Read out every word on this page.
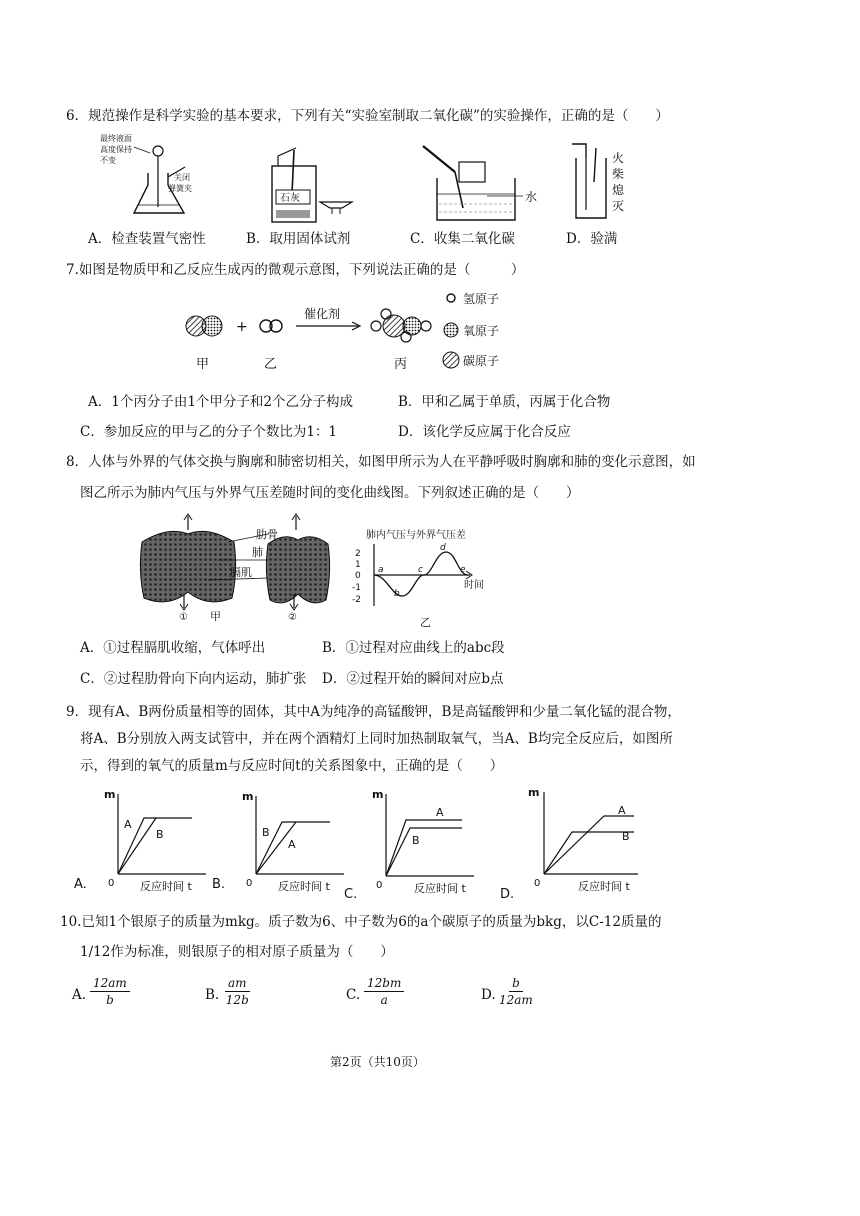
6．规范操作是科学实验的基本要求，下列有关“实验室制取二氧化碳”的实验操作，正确的是（　　）
最终液面
高度保持
不变
关闭
弹簧夹
石灰	水
火
柴
熄
灭
A．检查装置气密性	B．取用固体试剂	C．收集二氧化碳	D．验满
7.如图是物质甲和乙反应生成丙的微观示意图，下列说法正确的是（　　　）
+
催化剂
甲	乙	丙
氢原子
氧原子
碳原子
A．1个丙分子由1个甲分子和2个乙分子构成	B．甲和乙属于单质，丙属于化合物
C．参加反应的甲与乙的分子个数比为1：1	D．该化学反应属于化合反应
8．人体与外界的气体交换与胸廓和肺密切相关，如图甲所示为人在平静呼吸时胸廓和肺的变化示意图，如
图乙所示为肺内气压与外界气压差随时间的变化曲线图。下列叙述正确的是（　　）
①	②
肋骨
肺
膈肌
甲
肺内气压与外界气压差
2
1
0
-1
-2
a
b
c
d
e
时间
乙
A．①过程膈肌收缩，气体呼出	B．①过程对应曲线上的abc段
C．②过程肋骨向下向内运动，肺扩张 D．②过程开始的瞬间对应b点
9．现有A、B两份质量相等的固体，其中A为纯净的高锰酸钾，B是高锰酸钾和少量二氧化锰的混合物，
将A、B分别放入两支试管中，并在两个酒精灯上同时加热制取氧气，当A、B均完全反应后，如图所
示，得到的氧气的质量m与反应时间t的关系图象中，正确的是（　　）
A.
m
0 反应时间 t
A
B
B.
m
0 反应时间 t
B
A
C.
m
0	反应时间 t
A
B
D.
m
0	反应时间 t
A
B
10.已知1个银原子的质量为mkg。质子数为6、中子数为6的a个碳原子的质量为bkg，以C-12质量的
1/12作为标准，则银原子的相对原子质量为（　　）
A. $\frac{12am}{b}$	B. $\frac{am}{12b}$	C. $\frac{12bm}{a}$	D. $\frac{b}{12am}$
第2页（共10页）
